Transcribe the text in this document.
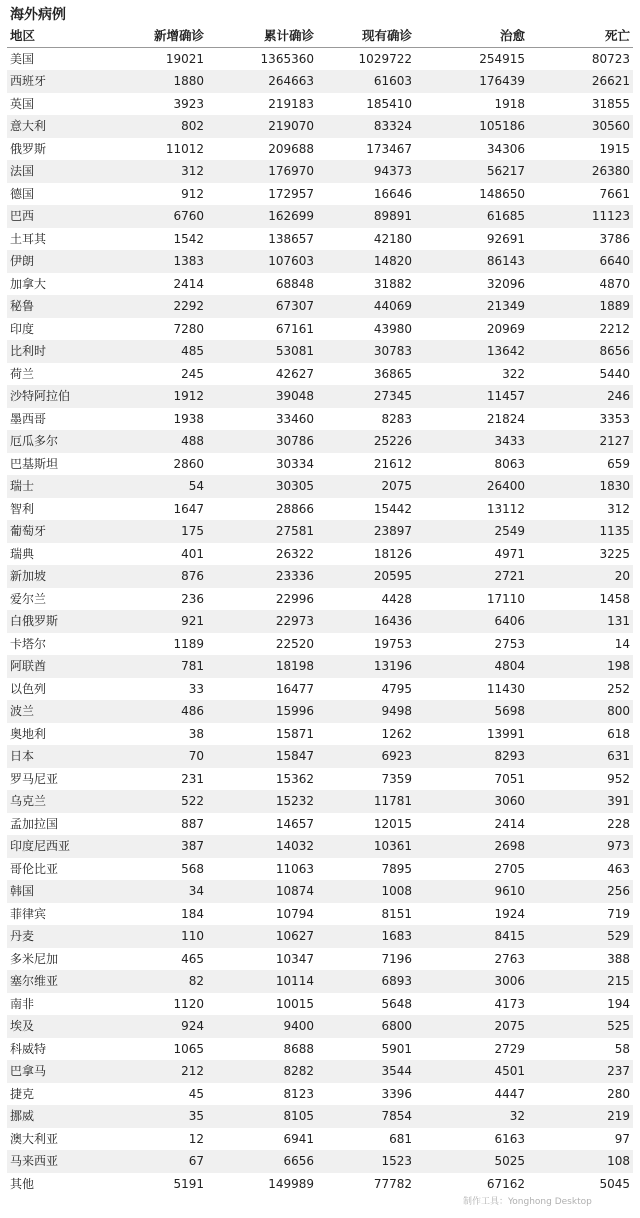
海外病例
地区	新增确诊	累计确诊	现有确诊	治愈	死亡
美国	19021	1365360	1029722	254915	80723
西班牙	1880	264663	61603	176439	26621
英国	3923	219183	185410	1918	31855
意大利	802	219070	83324	105186	30560
俄罗斯	11012	209688	173467	34306	1915
法国	312	176970	94373	56217	26380
德国	912	172957	16646	148650	7661
巴西	6760	162699	89891	61685	11123
土耳其	1542	138657	42180	92691	3786
伊朗	1383	107603	14820	86143	6640
加拿大	2414	68848	31882	32096	4870
秘鲁	2292	67307	44069	21349	1889
印度	7280	67161	43980	20969	2212
比利时	485	53081	30783	13642	8656
荷兰	245	42627	36865	322	5440
沙特阿拉伯	1912	39048	27345	11457	246
墨西哥	1938	33460	8283	21824	3353
厄瓜多尔	488	30786	25226	3433	2127
巴基斯坦	2860	30334	21612	8063	659
瑞士	54	30305	2075	26400	1830
智利	1647	28866	15442	13112	312
葡萄牙	175	27581	23897	2549	1135
瑞典	401	26322	18126	4971	3225
新加坡	876	23336	20595	2721	20
爱尔兰	236	22996	4428	17110	1458
白俄罗斯	921	22973	16436	6406	131
卡塔尔	1189	22520	19753	2753	14
阿联酋	781	18198	13196	4804	198
以色列	33	16477	4795	11430	252
波兰	486	15996	9498	5698	800
奥地利	38	15871	1262	13991	618
日本	70	15847	6923	8293	631
罗马尼亚	231	15362	7359	7051	952
乌克兰	522	15232	11781	3060	391
孟加拉国	887	14657	12015	2414	228
印度尼西亚	387	14032	10361	2698	973
哥伦比亚	568	11063	7895	2705	463
韩国	34	10874	1008	9610	256
菲律宾	184	10794	8151	1924	719
丹麦	110	10627	1683	8415	529
多米尼加	465	10347	7196	2763	388
塞尔维亚	82	10114	6893	3006	215
南非	1120	10015	5648	4173	194
埃及	924	9400	6800	2075	525
科威特	1065	8688	5901	2729	58
巴拿马	212	8282	3544	4501	237
捷克	45	8123	3396	4447	280
挪威	35	8105	7854	32	219
澳大利亚	12	6941	681	6163	97
马来西亚	67	6656	1523	5025	108
其他	5191	149989	77782	67162	5045
制作工具：Yonghong Desktop
